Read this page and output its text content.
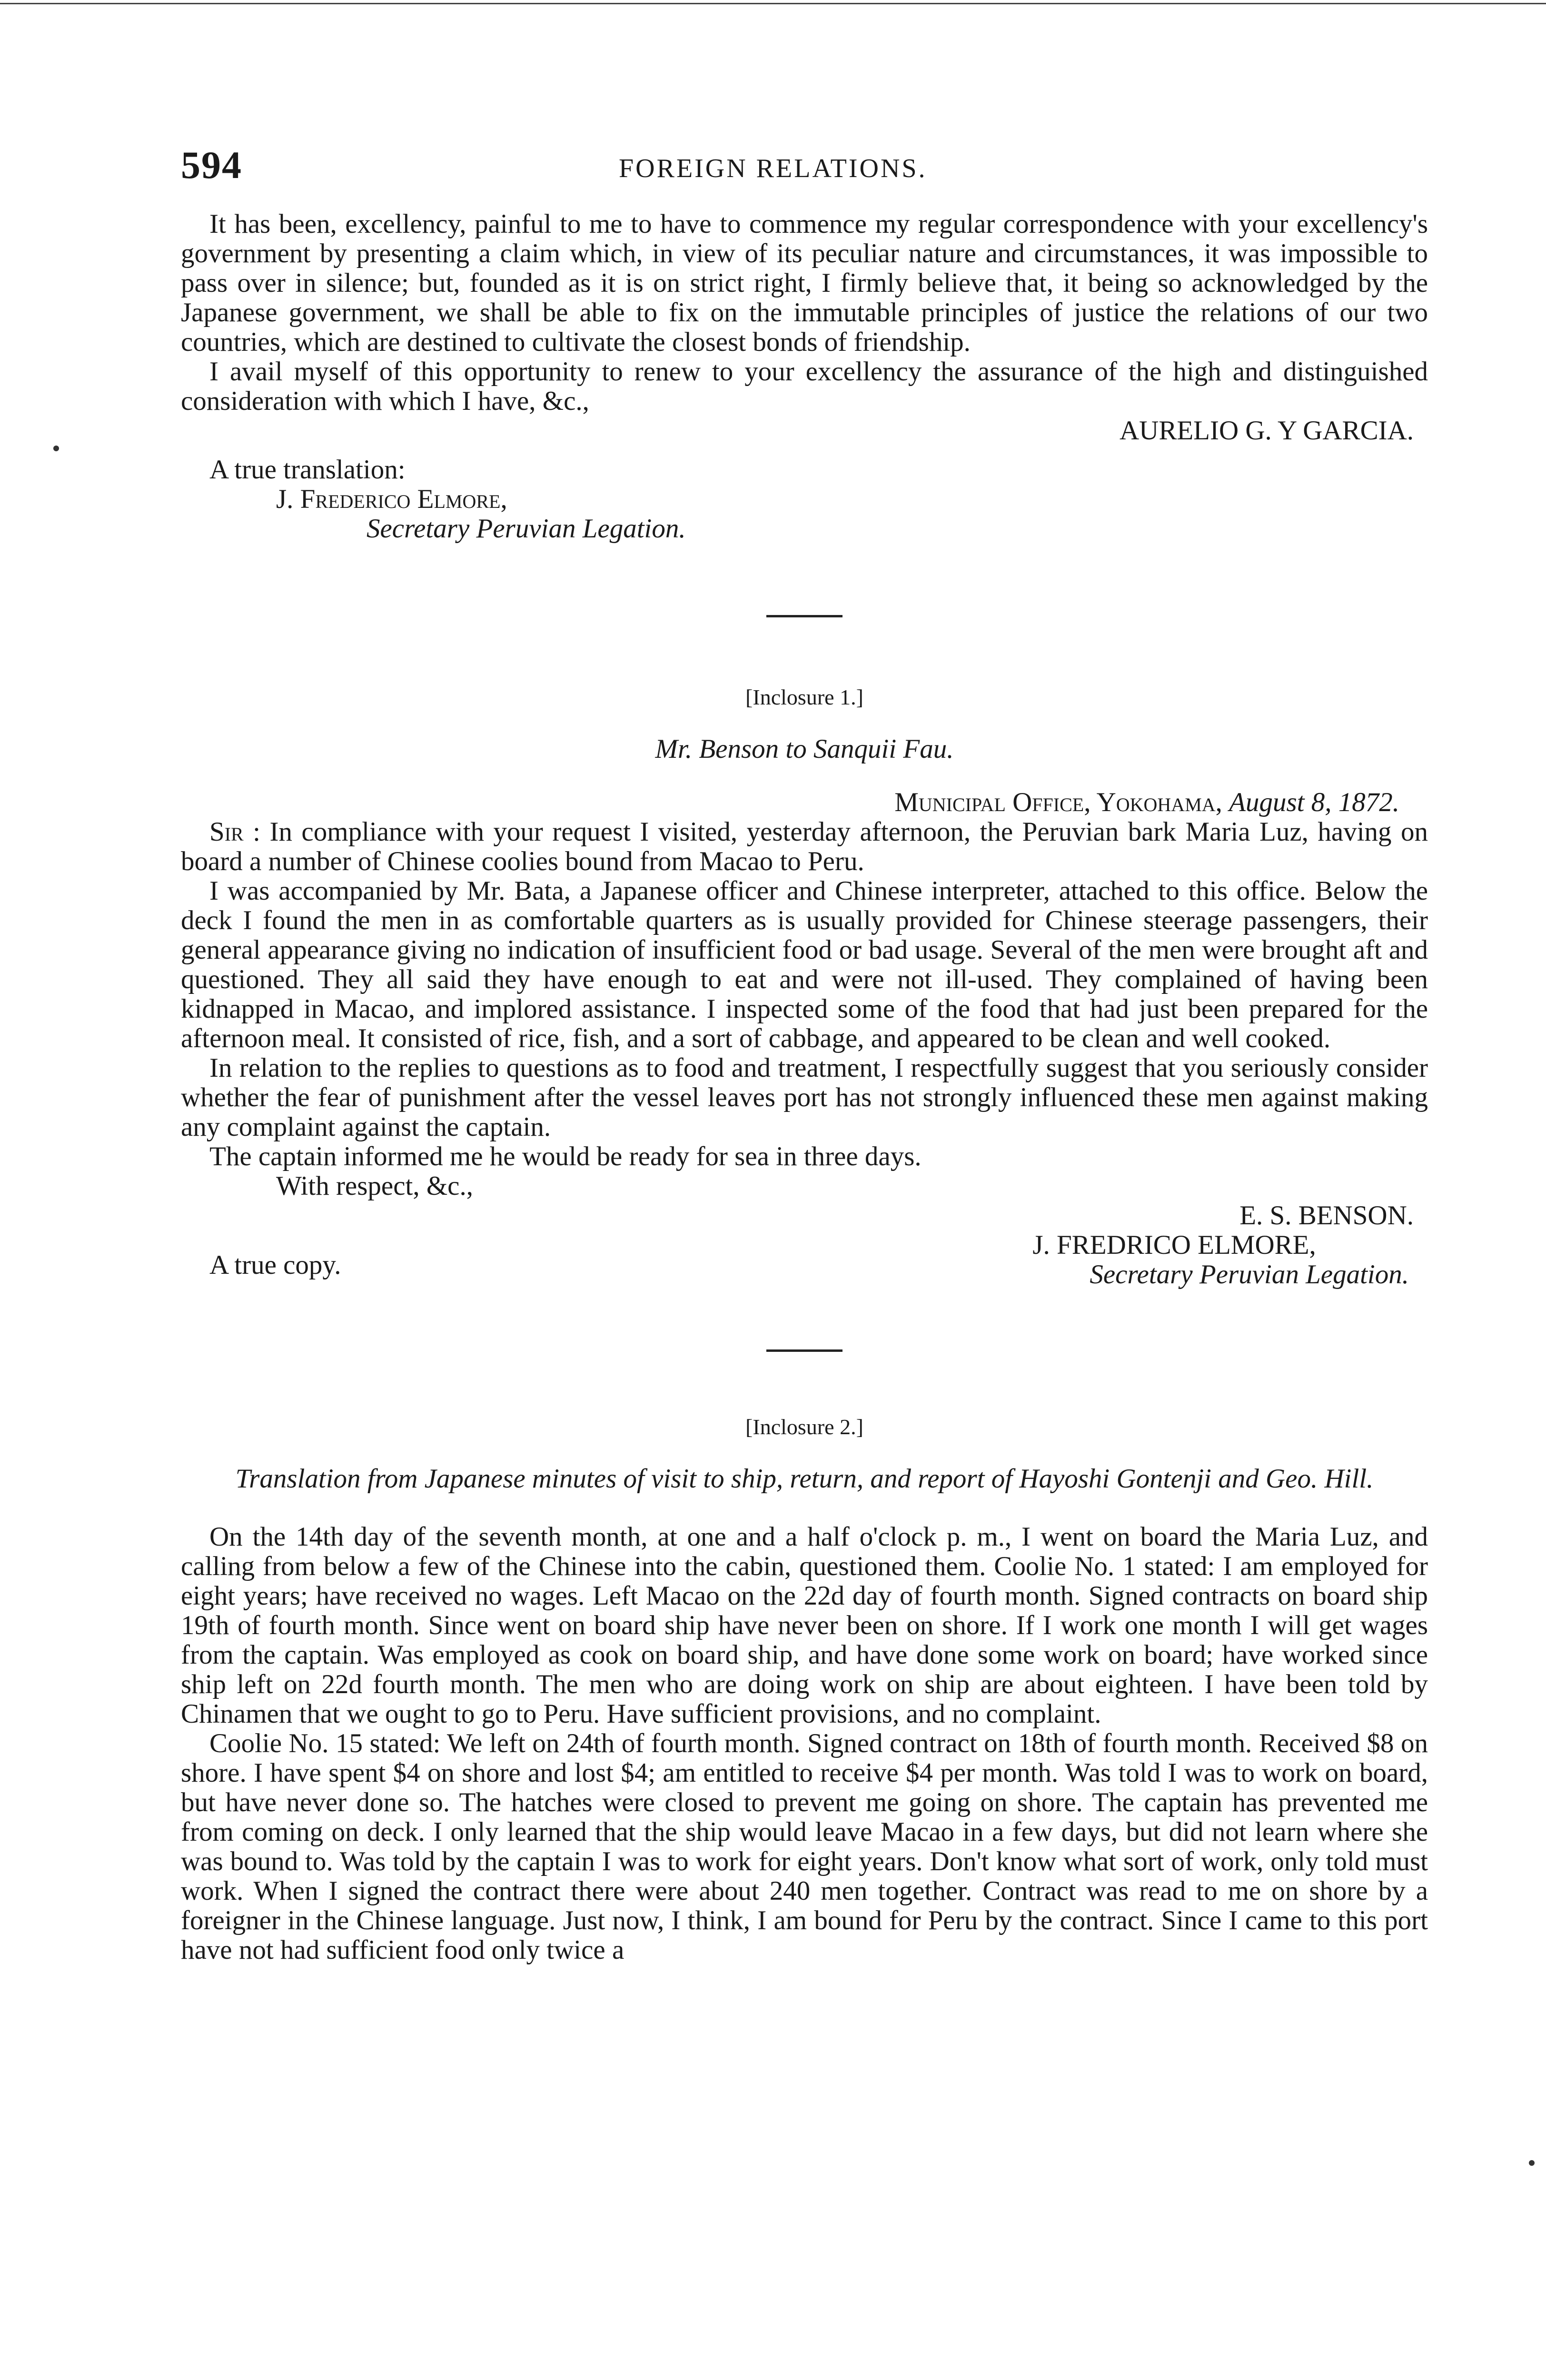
594	FOREIGN RELATIONS.

It has been, excellency, painful to me to have to commence my regular correspondence with your excellency's government by presenting a claim which, in view of its peculiar nature and circumstances, it was impossible to pass over in silence; but, founded as it is on strict right, I firmly believe that, it being so acknowledged by the Japanese government, we shall be able to fix on the immutable principles of justice the relations of our two countries, which are destined to cultivate the closest bonds of friendship.

I avail myself of this opportunity to renew to your excellency the assurance of the high and distinguished consideration with which I have, &c.,

AURELIO G. Y GARCIA.
A true translation:
J. Frederico Elmore,
Secretary Peruvian Legation.
[Inclosure 1.]
Mr. Benson to Sanquii Fau.
Municipal Office, Yokohama, August 8, 1872.

Sir : In compliance with your request I visited, yesterday afternoon, the Peruvian bark Maria Luz, having on board a number of Chinese coolies bound from Macao to Peru.

I was accompanied by Mr. Bata, a Japanese officer and Chinese interpreter, attached to this office. Below the deck I found the men in as comfortable quarters as is usually provided for Chinese steerage passengers, their general appearance giving no indication of insufficient food or bad usage. Several of the men were brought aft and questioned. They all said they have enough to eat and were not ill-used. They complained of having been kidnapped in Macao, and implored assistance. I inspected some of the food that had just been prepared for the afternoon meal. It consisted of rice, fish, and a sort of cabbage, and appeared to be clean and well cooked.

In relation to the replies to questions as to food and treatment, I respectfully suggest that you seriously consider whether the fear of punishment after the vessel leaves port has not strongly influenced these men against making any complaint against the captain.

The captain informed me he would be ready for sea in three days.

With respect, &c.,
E. S. BENSON.
A true copy.
J. FREDRICO ELMORE,
Secretary Peruvian Legation.
[Inclosure 2.]
Translation from Japanese minutes of visit to ship, return, and report of Hayoshi Gontenji and Geo. Hill.

On the 14th day of the seventh month, at one and a half o'clock p. m., I went on board the Maria Luz, and calling from below a few of the Chinese into the cabin, questioned them. Coolie No. 1 stated: I am employed for eight years; have received no wages. Left Macao on the 22d day of fourth month. Signed contracts on board ship 19th of fourth month. Since went on board ship have never been on shore. If I work one month I will get wages from the captain. Was employed as cook on board ship, and have done some work on board; have worked since ship left on 22d fourth month. The men who are doing work on ship are about eighteen. I have been told by Chinamen that we ought to go to Peru. Have sufficient provisions, and no complaint.

Coolie No. 15 stated: We left on 24th of fourth month. Signed contract on 18th of fourth month. Received $8 on shore. I have spent $4 on shore and lost $4; am entitled to receive $4 per month. Was told I was to work on board, but have never done so. The hatches were closed to prevent me going on shore. The captain has prevented me from coming on deck. I only learned that the ship would leave Macao in a few days, but did not learn where she was bound to. Was told by the captain I was to work for eight years. Don't know what sort of work, only told must work. When I signed the contract there were about 240 men together. Contract was read to me on shore by a foreigner in the Chinese language. Just now, I think, I am bound for Peru by the contract. Since I came to this port have not had sufficient food only twice a
